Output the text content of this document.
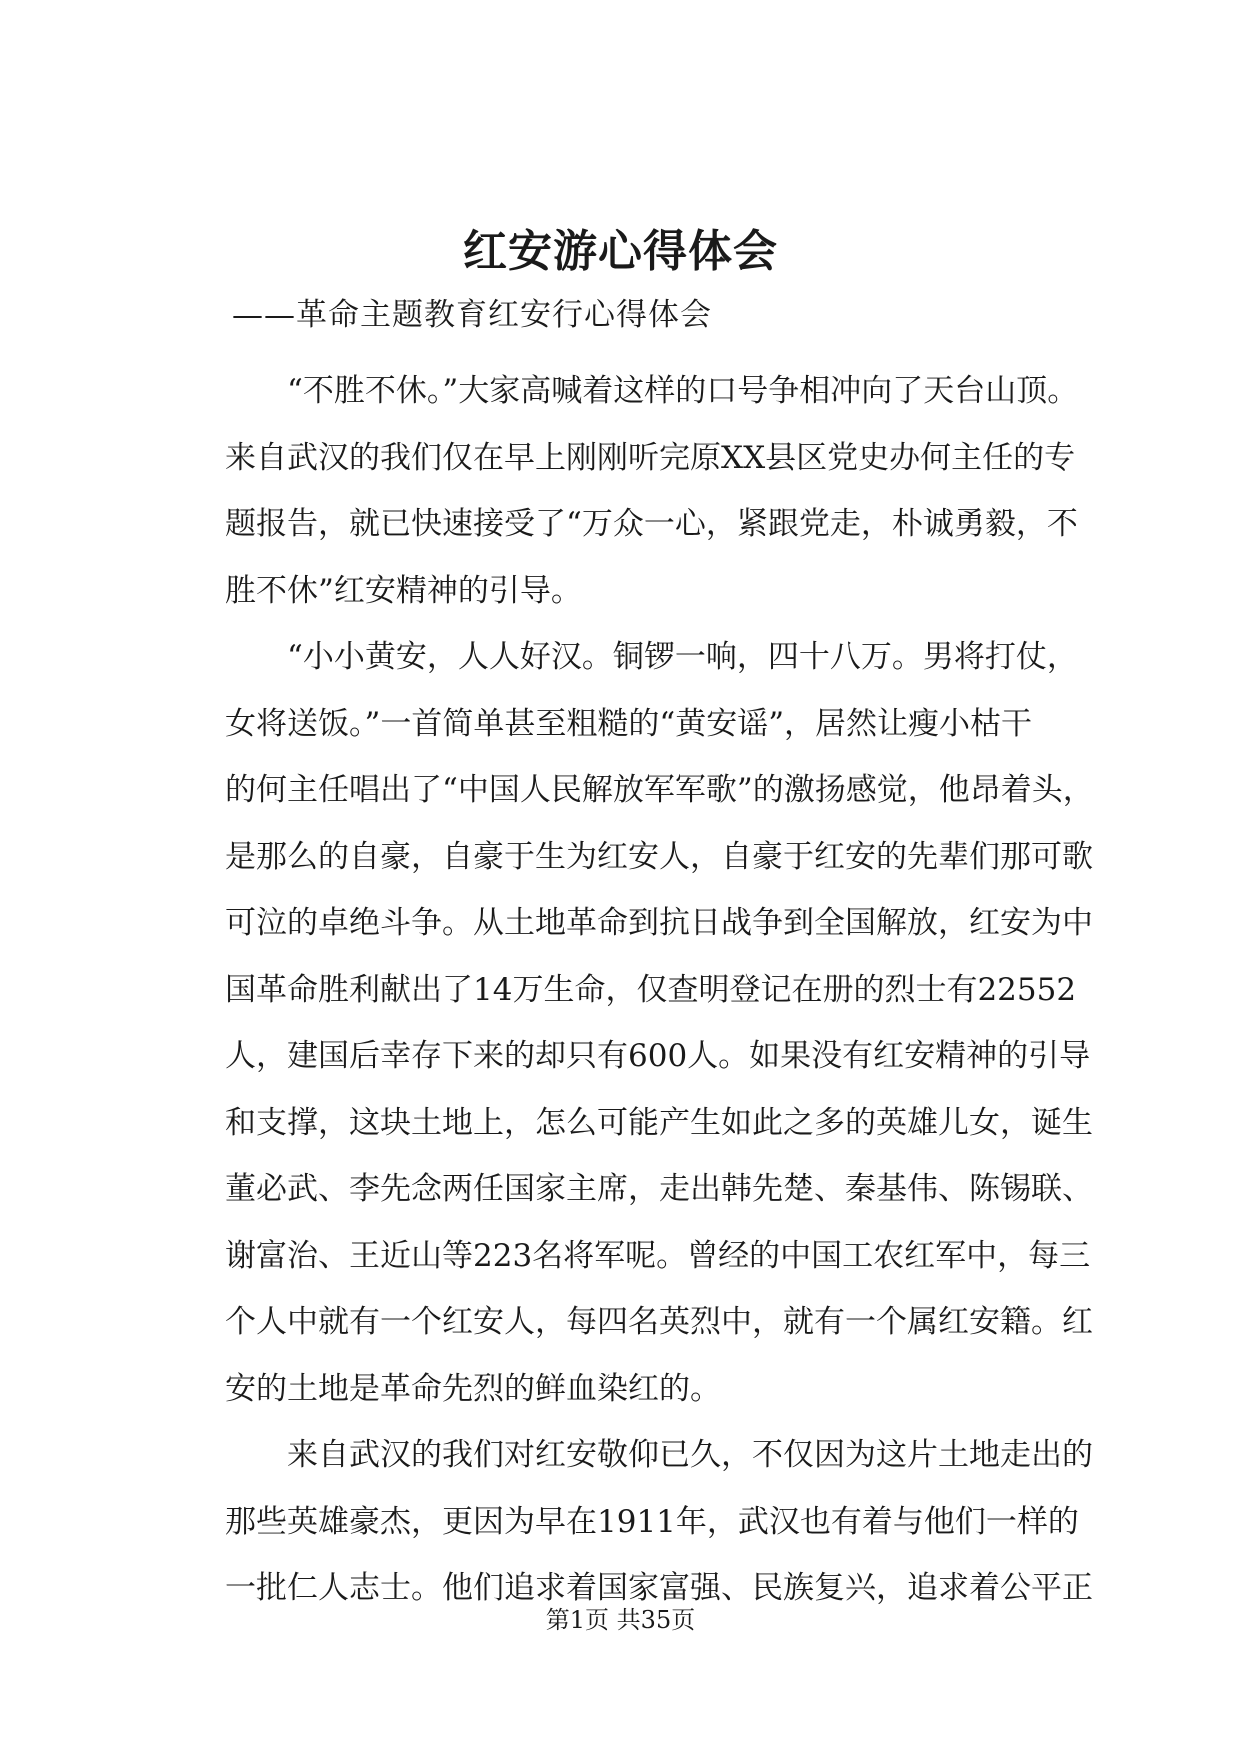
红安游心得体会
——革命主题教育红安行心得体会
“不胜不休。”大家高喊着这样的口号争相冲向了天台山顶。
来自武汉的我们仅在早上刚刚听完原XX县区党史办何主任的专
题报告，就已快速接受了“万众一心，紧跟党走，朴诚勇毅，不
胜不休”红安精神的引导。
“小小黄安，人人好汉。铜锣一响，四十八万。男将打仗，
女将送饭。”一首简单甚至粗糙的“黄安谣”，居然让瘦小枯干
的何主任唱出了“中国人民解放军军歌”的激扬感觉，他昂着头，
是那么的自豪，自豪于生为红安人，自豪于红安的先辈们那可歌
可泣的卓绝斗争。从土地革命到抗日战争到全国解放，红安为中
国革命胜利献出了14万生命，仅查明登记在册的烈士有22552
人，建国后幸存下来的却只有600人。如果没有红安精神的引导
和支撑，这块土地上，怎么可能产生如此之多的英雄儿女，诞生
董必武、李先念两任国家主席，走出韩先楚、秦基伟、陈锡联、
谢富治、王近山等223名将军呢。曾经的中国工农红军中，每三
个人中就有一个红安人，每四名英烈中，就有一个属红安籍。红
安的土地是革命先烈的鲜血染红的。
来自武汉的我们对红安敬仰已久，不仅因为这片土地走出的
那些英雄豪杰，更因为早在1911年，武汉也有着与他们一样的
一批仁人志士。他们追求着国家富强、民族复兴，追求着公平正
第1页 共35页
